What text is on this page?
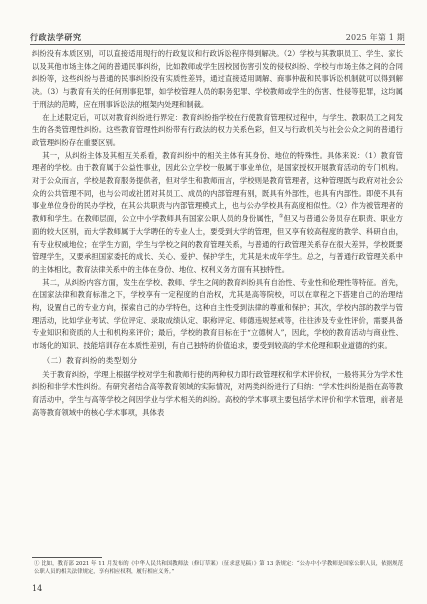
行政法学研究	2025 年第 1 期

纠纷没有本质区别，可以直接适用现行的行政复议和行政诉讼程序得到解决。（2）学校与其教职员工、学生、家长以及其他市场主体之间的普通民事纠纷，比如教师或学生因校园伤害引发的侵权纠纷、学校与市场主体之间的合同纠纷等，这些纠纷与普通的民事纠纷没有实质性差异，通过直接适用调解、商事仲裁和民事诉讼机制就可以得到解决。（3）与教育有关的任何刑事犯罪，如学校管理人员的职务犯罪、学校教师或学生的伤害、性侵等犯罪，这均属于刑法的范畴，应在刑事诉讼法的框架内处理和制裁。

在上述限定后，可以对教育纠纷进行界定：教育纠纷指学校在行使教育管理权过程中，与学生、教职员工之间发生的各类管理性纠纷。这些教育管理性纠纷带有行政法的权力关系色彩，但又与行政机关与社会公众之间的普通行政管理纠纷存在重要区别。

其一，从纠纷主体及其相互关系看，教育纠纷中的相关主体有其身份、地位的特殊性。具体来说：（1）教育管理者的学校。由于教育属于公益性事业，因此公立学校一般属于事业单位，是国家授权开展教育活动的专门机构。对于公众而言，学校是教育服务提供者，但对学生和教师而言，学校则是教育管理者，这种管理既与政府对社会公众的公共管理不同，也与公司或社团对其员工、成员的内部管理有别，既具有外部性，也具有内部性。即使不具有事业单位身份的民办学校，在其公共职责与内部管理模式上，也与公办学校具有高度相似性。（2）作为被管理者的教师和学生。在教师层面，公立中小学教师具有国家公职人员的身份属性，①但又与普通公务员存在职责、职业方面的较大区别，而大学教师属于大学聘任的专业人士，要受到大学的管理，但又享有较高程度的教学、科研自由，有专业权威地位；在学生方面，学生与学校之间的教育管理关系，与普通的行政管理关系存在很大差异，学校既要管理学生，又要承担国家委托的成长、关心、爱护、保护学生，尤其是未成年学生。总之，与普通行政管理关系中的主体相比，教育法律关系中的主体在身份、地位、权利义务方面有其独特性。

其二，从纠纷内容方面，发生在学校、教师、学生之间的教育纠纷具有自治性、专业性和伦理性等特征。首先，在国家法律和教育标准之下，学校享有一定程度的自治权，尤其是高等院校，可以在章程之下搭建自己的治理结构，设置自己的专业方向，探索自己的办学特色，这种自主性受到法律的尊重和保护；其次，学校内部的教学与管理活动，比如学业考试、学位评定、录取成绩认定、职称评定、师德违规惩戒等，往往涉及专业性评价，需要具备专业知识和资质的人士和机构来评价；最后，学校的教育目标在于“立德树人”，因此，学校的教育活动与商业性、市场化的知识、技能培训存在本质性差别，有自己独特的价值追求，要受到较高的学术伦理和职业道德的约束。

（二）教育纠纷的类型划分

关于教育纠纷，学理上根据学校对学生和教师行使的两种权力即行政管理权和学术评价权，一般将其分为学术性纠纷和非学术性纠纷。有研究者结合高等教育领域的实际情况，对两类纠纷进行了归纳：“学术性纠纷是指在高等教育活动中，学生与高等学校之间因学业与学术相关的纠纷。高校的学术事项主要包括学术评价和学术管理，前者是高等教育领域中的核心学术事项，具体表

① 比如，教育部 2021 年 11 月发布的《中华人民共和国教师法（修订草案）（征求意见稿）》第 13 条规定：“公办中小学教师是国家公职人员，依据规范公职人员的相关法律规定，享有相应权利，履行相应义务。”
14
